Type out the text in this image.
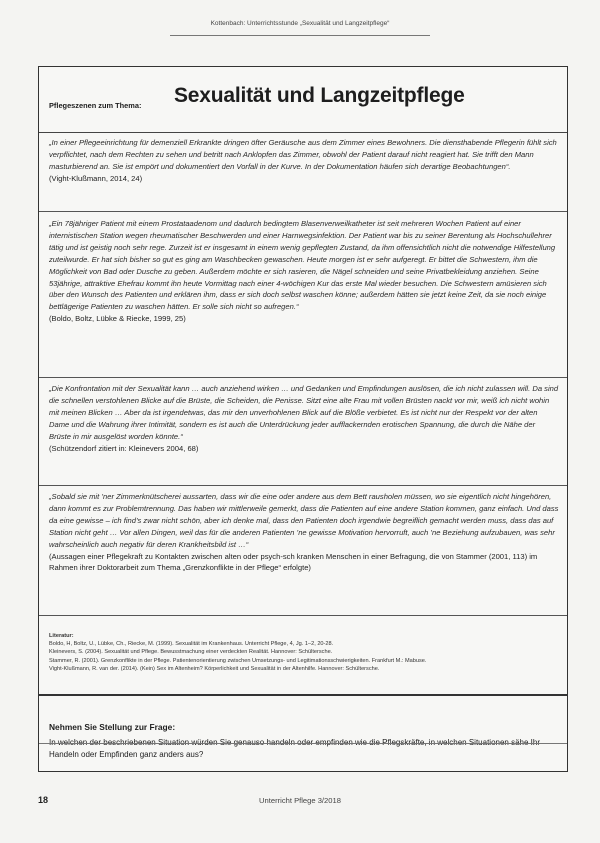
Kottenbach: Unterrichtsstunde „Sexualität und Langzeitpflege“
Pflegeszenen zum Thema: Sexualität und Langzeitpflege
„In einer Pflegeeinrichtung für demenziell Erkrankte dringen öfter Geräusche aus dem Zimmer eines Bewohners. Die diensthabende Pflegerin fühlt sich verpflichtet, nach dem Rechten zu sehen und betritt nach Anklopfen das Zimmer, obwohl der Patient darauf nicht reagiert hat. Sie trifft den Mann masturbierend an. Sie ist empört und dokumentiert den Vorfall in der Kurve. In der Dokumentation häufen sich derartige Beobachtungen“.
(Vight-Klußmann, 2014, 24)
„Ein 78jähriger Patient mit einem Prostataadenom und dadurch bedingtem Blasenverweilkatheter ist seit mehreren Wochen Patient auf einer internistischen Station wegen rheumatischer Beschwerden und einer Harnwegsinfektion. Der Patient war bis zu seiner Berentung als Hochschullehrer tätig und ist geistig noch sehr rege. Zurzeit ist er insgesamt in einem wenig gepflegten Zustand, da ihm offensichtlich nicht die notwendige Hilfestellung zuteilwurde. Er hat sich bisher so gut es ging am Waschbecken gewaschen. Heute morgen ist er sehr aufgeregt. Er bittet die Schwestern, ihm die Möglichkeit von Bad oder Dusche zu geben. Außerdem möchte er sich rasieren, die Nägel schneiden und seine Privatbekleidung anziehen. Seine 53jährige, attraktive Ehefrau kommt ihn heute Vormittag nach einer 4-wöchigen Kur das erste Mal wieder besuchen. Die Schwestern amüsieren sich über den Wunsch des Patienten und erklären ihm, dass er sich doch selbst waschen könne; außerdem hätten sie jetzt keine Zeit, da sie noch einige bettlägerige Patienten zu waschen hätten. Er solle sich nicht so aufregen.“
(Boldo, Boltz, Lübke & Riecke, 1999, 25)
„Die Konfrontation mit der Sexualität kann … auch anziehend wirken … und Gedanken und Empfindungen auslösen, die ich nicht zulassen will. Da sind die schnellen verstohlenen Blicke auf die Brüste, die Scheiden, die Penisse. Sitzt eine alte Frau mit vollen Brüsten nackt vor mir, weiß ich nicht wohin mit meinen Blicken … Aber da ist irgendetwas, das mir den unverhohlenen Blick auf die Blöße verbietet. Es ist nicht nur der Respekt vor der alten Dame und die Wahrung ihrer Intimität, sondern es ist auch die Unterdrückung jeder aufflackernden erotischen Spannung, die durch die Nähe der Brüste in mir ausgelöst worden könnte.“
(Schützendorf zitiert in: Kleinevers 2004, 68)
„Sobald sie mit ’ner Zimmerknütscherei aussarten, dass wir die eine oder andere aus dem Bett rausholen müssen, wo sie eigentlich nicht hingehören, dann kommt es zur Problemtrennung. Das haben wir mittlerweile gemerkt, dass die Patienten auf eine andere Station kommen, ganz einfach. Und dass da eine gewisse – ich find’s zwar nicht schön, aber ich denke mal, dass den Patienten doch irgendwie begreiflich gemacht werden muss, dass das auf Station nicht geht … Vor allen Dingen, weil das für die anderen Patienten ’ne gewisse Motivation hervorruft, auch ’ne Beziehung aufzubauen, was sehr wahrscheinlich auch negativ für deren Krankheitsbild ist …“
(Aussagen einer Pflegekraft zu Kontakten zwischen alten oder psych-sch kranken Menschen in einer Befragung, die von Stammer (2001, 113) im Rahmen ihrer Doktorarbeit zum Thema „Grenzkonflikte in der Pflege“ erfolgte)
Literatur:
Boldo, H, Boltz, U., Lübke, Ch., Riecke, M. (1999). Sexualität im Krankenhaus. Unterricht Pflege, 4, Jg. 1–2, 20-28.
Kleinevers, S. (2004). Sexualität und Pflege. Bewusstmachung einer verdeckten Realität. Hannover: Schültersche.
Stammer, R. (2001). Grenzkonflikte in der Pflege. Patientenorientierung zwischen Umsetzungs- und Legitimationsschwierigkeiten. Frankfurt M.: Mabuse.
Vight-Klußmann, R. van der. (2014). (Kein) Sex im Altenheim? Körperlichkeit und Sexualität in der Altenhilfe. Hannover: Schültersche.
Nehmen Sie Stellung zur Frage:
Handeln oder Empfinden ganz anders aus?
18	Unterricht Pflege 3/2018
